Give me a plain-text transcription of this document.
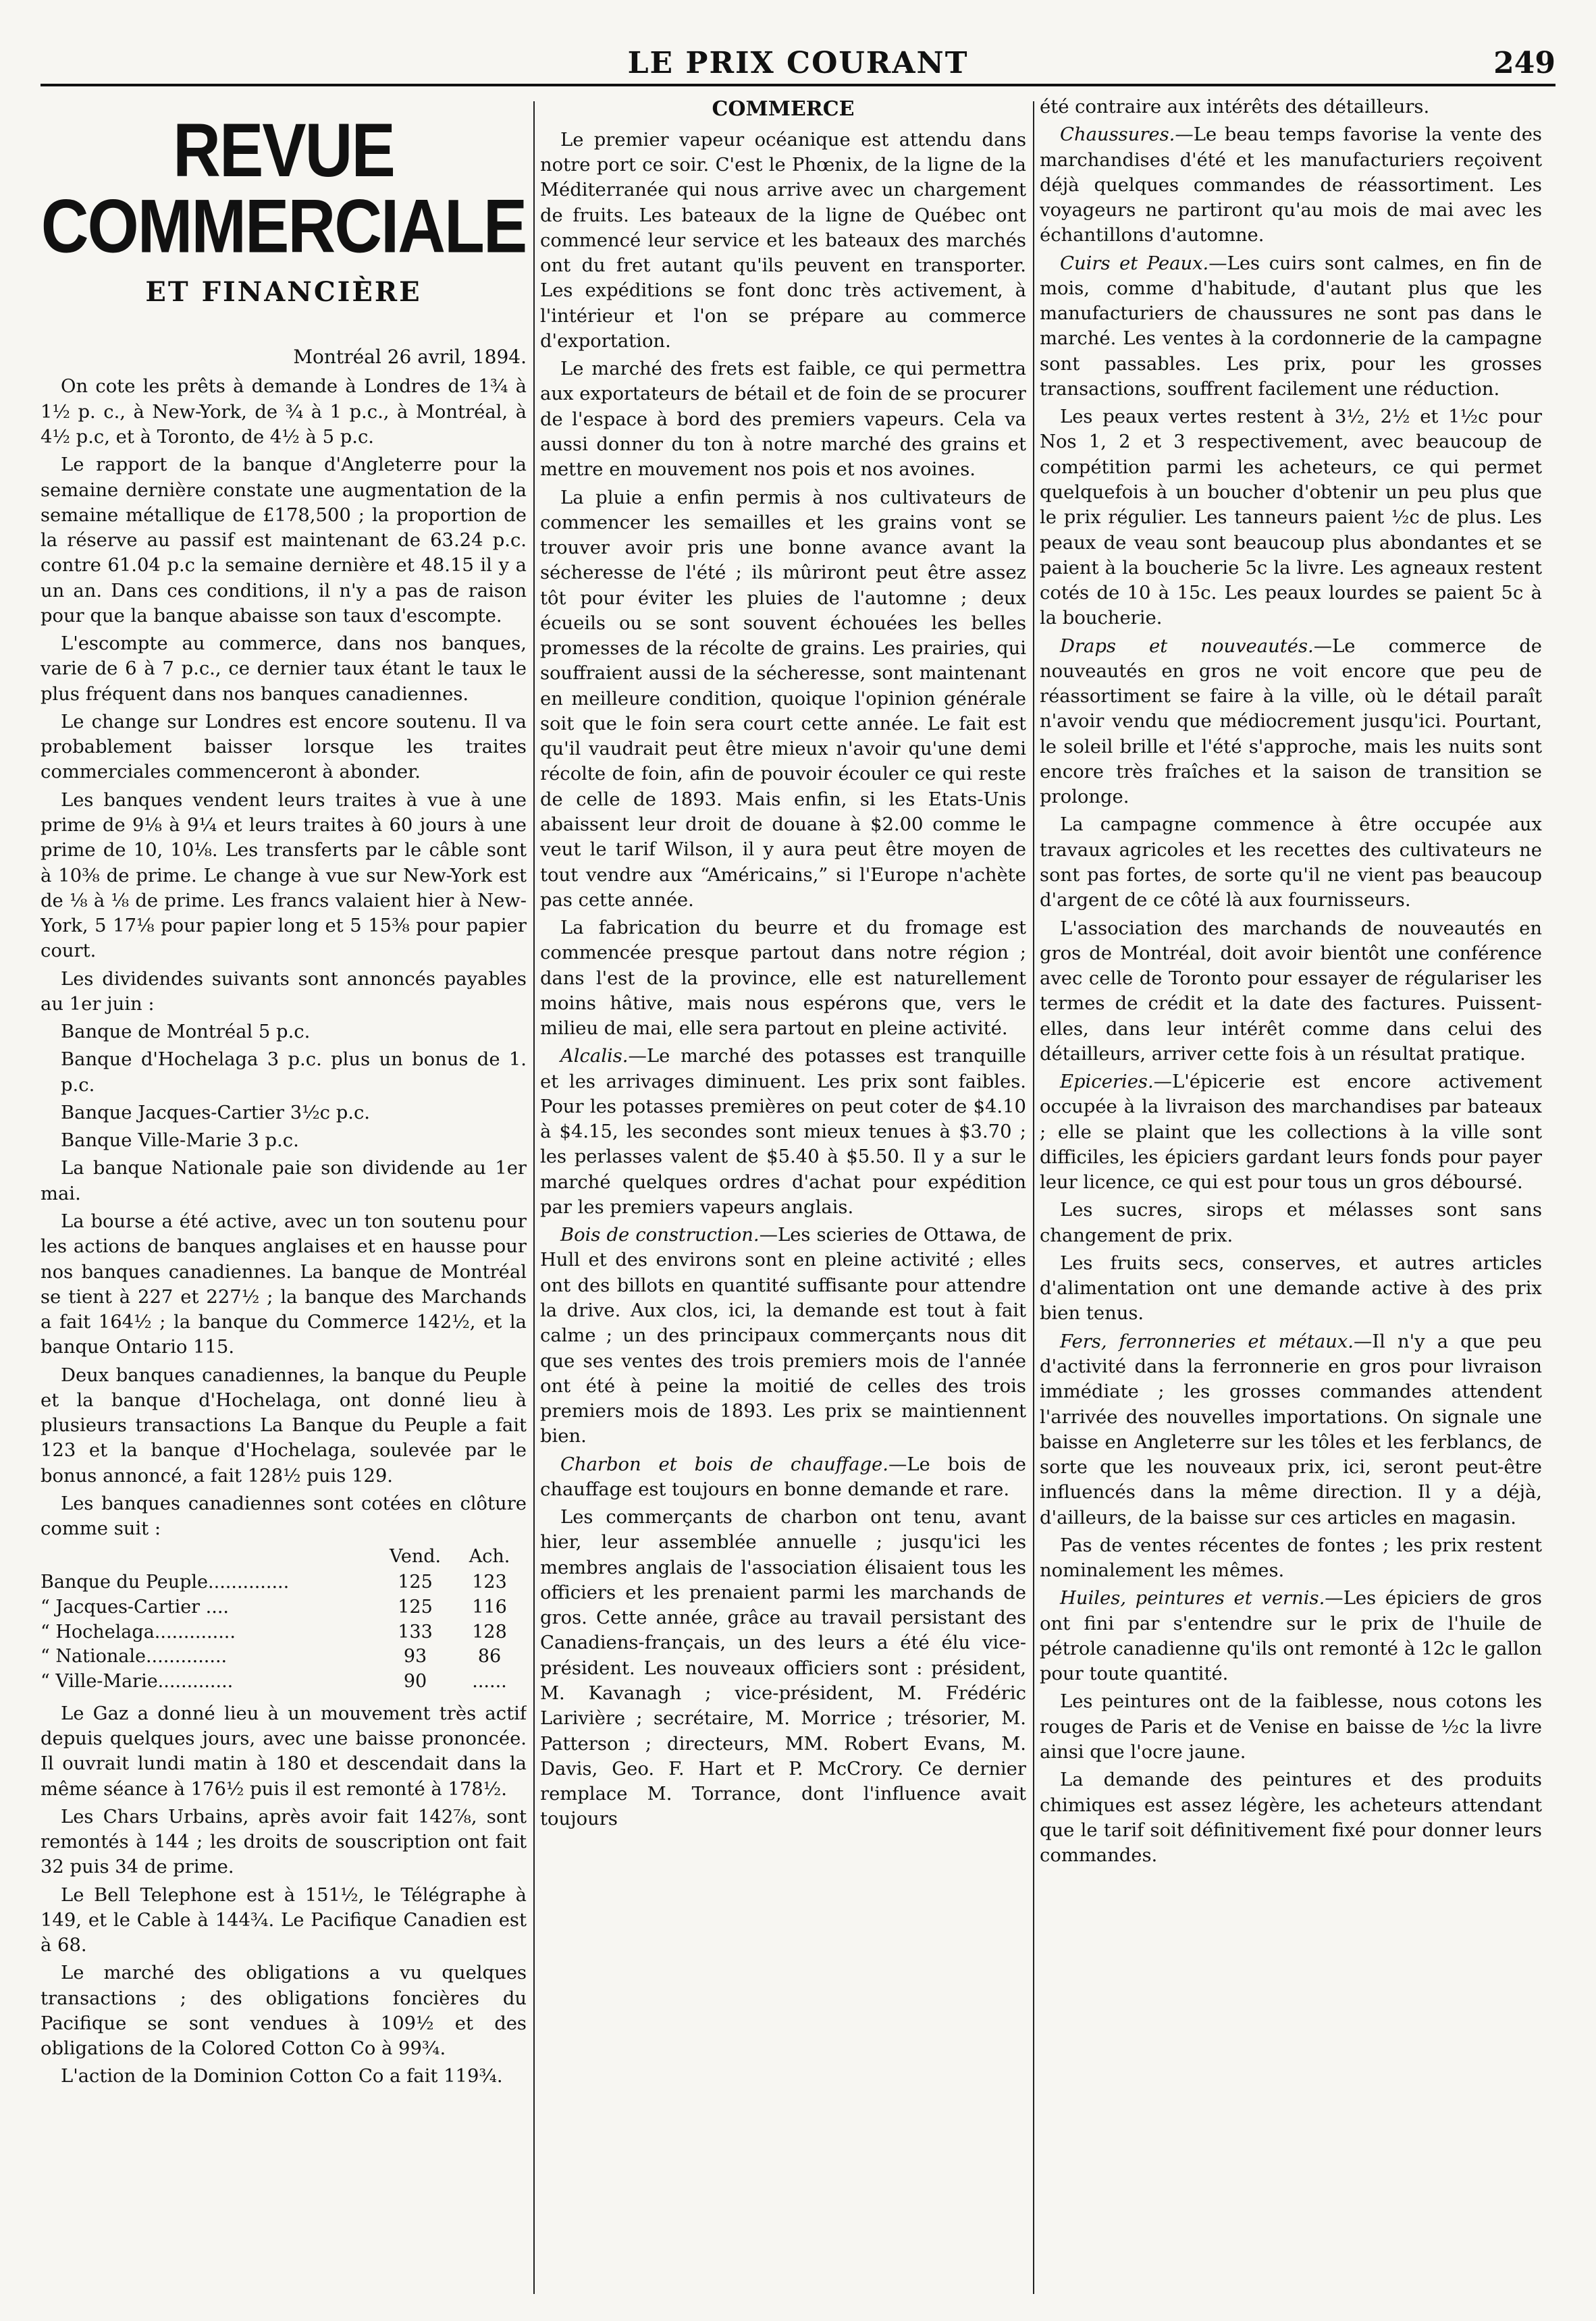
LE PRIX COURANT	249
REVUE COMMERCIALE
ET FINANCIÈRE
Montréal 26 avril, 1894.

On cote les prêts à demande à Londres de 1¾ à 1½ p. c., à New-York, de ¾ à 1 p.c., à Montréal, à 4½ p.c, et à Toronto, de 4½ à 5 p.c.

Le rapport de la banque d'Angleterre pour la semaine dernière constate une augmentation de la semaine métallique de £178,500 ; la proportion de la réserve au passif est maintenant de 63.24 p.c. contre 61.04 p.c la semaine dernière et 48.15 il y a un an. Dans ces conditions, il n'y a pas de raison pour que la banque abaisse son taux d'escompte.

L'escompte au commerce, dans nos banques, varie de 6 à 7 p.c., ce dernier taux étant le taux le plus fréquent dans nos banques canadiennes.

Le change sur Londres est encore soutenu. Il va probablement baisser lorsque les traites commerciales commenceront à abonder.

Les banques vendent leurs traites à vue à une prime de 9⅛ à 9¼ et leurs traites à 60 jours à une prime de 10, 10⅛. Les transferts par le câble sont à 10⅜ de prime. Le change à vue sur New-York est de ⅛ à ⅛ de prime. Les francs valaient hier à New-York, 5 17⅛ pour papier long et 5 15⅜ pour papier court.

Les dividendes suivants sont annoncés payables au 1er juin :

Banque de Montréal 5 p.c.

Banque d'Hochelaga 3 p.c. plus un bonus de 1. p.c.

Banque Jacques-Cartier 3½c p.c.

Banque Ville-Marie 3 p.c.

La banque Nationale paie son dividende au 1er mai.

La bourse a été active, avec un ton soutenu pour les actions de banques anglaises et en hausse pour nos banques canadiennes. La banque de Montréal se tient à 227 et 227½ ; la banque des Marchands a fait 164½ ; la banque du Commerce 142½, et la banque Ontario 115.

Deux banques canadiennes, la banque du Peuple et la banque d'Hochelaga, ont donné lieu à plusieurs transactions La Banque du Peuple a fait 123 et la banque d'Hochelaga, soulevée par le bonus annoncé, a fait 128½ puis 129.

Les banques canadiennes sont cotées en clôture comme suit :

	Vend.	Ach.
Banque du Peuple..............	125	123
“ Jacques-Cartier ....	125	116
“ Hochelaga..............	133	128
“ Nationale..............	93	86
“ Ville-Marie.............	90	......

Le Gaz a donné lieu à un mouvement très actif depuis quelques jours, avec une baisse prononcée. Il ouvrait lundi matin à 180 et descendait dans la même séance à 176½ puis il est remonté à 178½.

Les Chars Urbains, après avoir fait 142⅞, sont remontés à 144 ; les droits de souscription ont fait 32 puis 34 de prime.

Le Bell Telephone est à 151½, le Télégraphe à 149, et le Cable à 144¾. Le Pacifique Canadien est à 68.

Le marché des obligations a vu quelques transactions ; des obligations foncières du Pacifique se sont vendues à 109½ et des obligations de la Colored Cotton Co à 99¾.

L'action de la Dominion Cotton Co a fait 119¾.

COMMERCE

Le premier vapeur océanique est attendu dans notre port ce soir. C'est le Phœnix, de la ligne de la Méditerranée qui nous arrive avec un chargement de fruits. Les bateaux de la ligne de Québec ont commencé leur service et les bateaux des marchés ont du fret autant qu'ils peuvent en transporter. Les expéditions se font donc très activement, à l'intérieur et l'on se prépare au commerce d'exportation.

Le marché des frets est faible, ce qui permettra aux exportateurs de bétail et de foin de se procurer de l'espace à bord des premiers vapeurs. Cela va aussi donner du ton à notre marché des grains et mettre en mouvement nos pois et nos avoines.

La pluie a enfin permis à nos cultivateurs de commencer les semailles et les grains vont se trouver avoir pris une bonne avance avant la sécheresse de l'été ; ils mûriront peut être assez tôt pour éviter les pluies de l'automne ; deux écueils ou se sont souvent échouées les belles promesses de la récolte de grains. Les prairies, qui souffraient aussi de la sécheresse, sont maintenant en meilleure condition, quoique l'opinion générale soit que le foin sera court cette année. Le fait est qu'il vaudrait peut être mieux n'avoir qu'une demi récolte de foin, afin de pouvoir écouler ce qui reste de celle de 1893. Mais enfin, si les Etats-Unis abaissent leur droit de douane à $2.00 comme le veut le tarif Wilson, il y aura peut être moyen de tout vendre aux “Américains,” si l'Europe n'achète pas cette année.

La fabrication du beurre et du fromage est commencée presque partout dans notre région ; dans l'est de la province, elle est naturellement moins hâtive, mais nous espérons que, vers le milieu de mai, elle sera partout en pleine activité.

Alcalis.—Le marché des potasses est tranquille et les arrivages diminuent. Les prix sont faibles. Pour les potasses premières on peut coter de $4.10 à $4.15, les secondes sont mieux tenues à $3.70 ; les perlasses valent de $5.40 à $5.50. Il y a sur le marché quelques ordres d'achat pour expédition par les premiers vapeurs anglais.

Bois de construction.—Les scieries de Ottawa, de Hull et des environs sont en pleine activité ; elles ont des billots en quantité suffisante pour attendre la drive. Aux clos, ici, la demande est tout à fait calme ; un des principaux commerçants nous dit que ses ventes des trois premiers mois de l'année ont été à peine la moitié de celles des trois premiers mois de 1893. Les prix se maintiennent bien.

Charbon et bois de chauffage.—Le bois de chauffage est toujours en bonne demande et rare.

Les commerçants de charbon ont tenu, avant hier, leur assemblée annuelle ; jusqu'ici les membres anglais de l'association élisaient tous les officiers et les prenaient parmi les marchands de gros. Cette année, grâce au travail persistant des Canadiens-français, un des leurs a été élu vice-président. Les nouveaux officiers sont : président, M. Kavanagh ; vice-président, M. Frédéric Larivière ; secrétaire, M. Morrice ; trésorier, M. Patterson ; directeurs, MM. Robert Evans, M. Davis, Geo. F. Hart et P. McCrory. Ce dernier remplace M. Torrance, dont l'influence avait toujours

été contraire aux intérêts des détailleurs.

Chaussures.—Le beau temps favorise la vente des marchandises d'été et les manufacturiers reçoivent déjà quelques commandes de réassortiment. Les voyageurs ne partiront qu'au mois de mai avec les échantillons d'automne.

Cuirs et Peaux.—Les cuirs sont calmes, en fin de mois, comme d'habitude, d'autant plus que les manufacturiers de chaussures ne sont pas dans le marché. Les ventes à la cordonnerie de la campagne sont passables. Les prix, pour les grosses transactions, souffrent facilement une réduction.

Les peaux vertes restent à 3½, 2½ et 1½c pour Nos 1, 2 et 3 respectivement, avec beaucoup de compétition parmi les acheteurs, ce qui permet quelquefois à un boucher d'obtenir un peu plus que le prix régulier. Les tanneurs paient ½c de plus. Les peaux de veau sont beaucoup plus abondantes et se paient à la boucherie 5c la livre. Les agneaux restent cotés de 10 à 15c. Les peaux lourdes se paient 5c à la boucherie.

Draps et nouveautés.—Le commerce de nouveautés en gros ne voit encore que peu de réassortiment se faire à la ville, où le détail paraît n'avoir vendu que médiocrement jusqu'ici. Pourtant, le soleil brille et l'été s'approche, mais les nuits sont encore très fraîches et la saison de transition se prolonge.

La campagne commence à être occupée aux travaux agricoles et les recettes des cultivateurs ne sont pas fortes, de sorte qu'il ne vient pas beaucoup d'argent de ce côté là aux fournisseurs.

L'association des marchands de nouveautés en gros de Montréal, doit avoir bientôt une conférence avec celle de Toronto pour essayer de régulariser les termes de crédit et la date des factures. Puissent-elles, dans leur intérêt comme dans celui des détailleurs, arriver cette fois à un résultat pratique.

Epiceries.—L'épicerie est encore activement occupée à la livraison des marchandises par bateaux ; elle se plaint que les collections à la ville sont difficiles, les épiciers gardant leurs fonds pour payer leur licence, ce qui est pour tous un gros déboursé.

Les sucres, sirops et mélasses sont sans changement de prix.

Les fruits secs, conserves, et autres articles d'alimentation ont une demande active à des prix bien tenus.

Fers, ferronneries et métaux.—Il n'y a que peu d'activité dans la ferronnerie en gros pour livraison immédiate ; les grosses commandes attendent l'arrivée des nouvelles importations. On signale une baisse en Angleterre sur les tôles et les ferblancs, de sorte que les nouveaux prix, ici, seront peut-être influencés dans la même direction. Il y a déjà, d'ailleurs, de la baisse sur ces articles en magasin.

Pas de ventes récentes de fontes ; les prix restent nominalement les mêmes.

Huiles, peintures et vernis.—Les épiciers de gros ont fini par s'entendre sur le prix de l'huile de pétrole canadienne qu'ils ont remonté à 12c le gallon pour toute quantité.

Les peintures ont de la faiblesse, nous cotons les rouges de Paris et de Venise en baisse de ½c la livre ainsi que l'ocre jaune.

La demande des peintures et des produits chimiques est assez légère, les acheteurs attendant que le tarif soit définitivement fixé pour donner leurs commandes.
